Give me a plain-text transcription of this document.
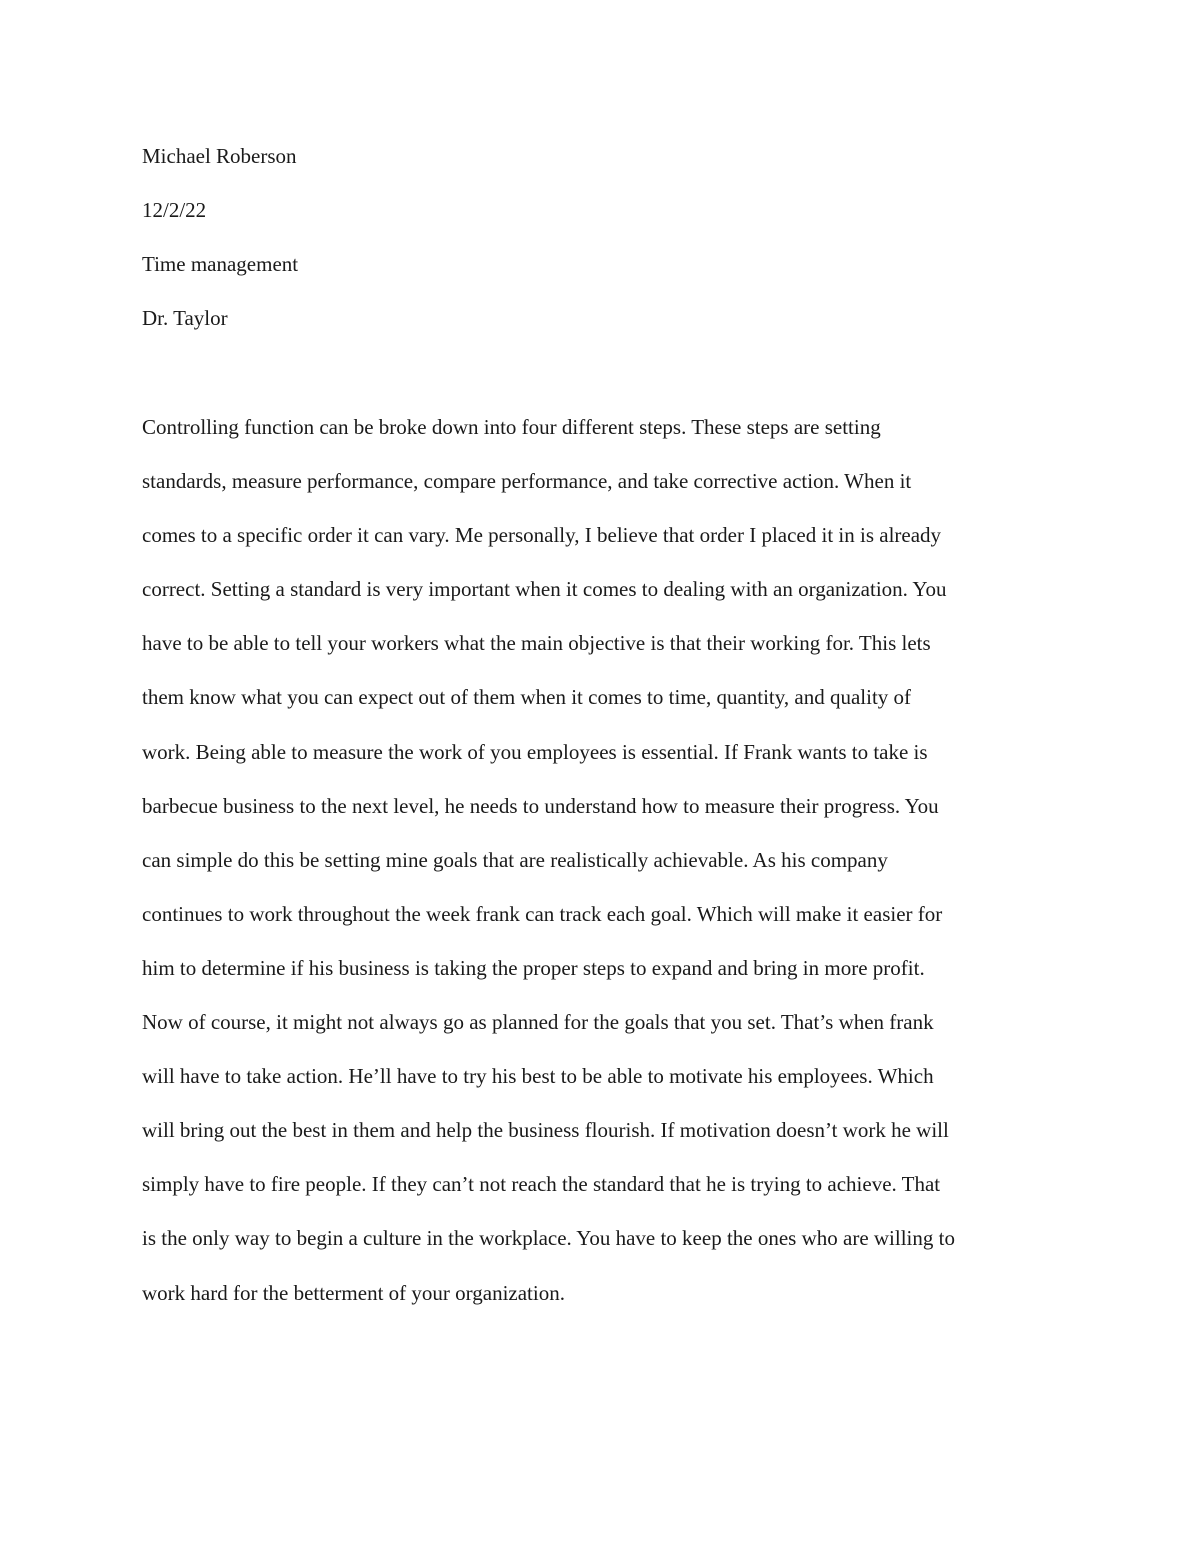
Michael Roberson
12/2/22
Time management
Dr. Taylor
Controlling function can be broke down into four different steps. These steps are setting
standards, measure performance, compare performance, and take corrective action. When it
comes to a specific order it can vary. Me personally, I believe that order I placed it in is already
correct. Setting a standard is very important when it comes to dealing with an organization. You
have to be able to tell your workers what the main objective is that their working for. This lets
them know what you can expect out of them when it comes to time, quantity, and quality of
work. Being able to measure the work of you employees is essential. If Frank wants to take is
barbecue business to the next level, he needs to understand how to measure their progress. You
can simple do this be setting mine goals that are realistically achievable. As his company
continues to work throughout the week frank can track each goal. Which will make it easier for
him to determine if his business is taking the proper steps to expand and bring in more profit.
Now of course, it might not always go as planned for the goals that you set. That’s when frank
will have to take action. He’ll have to try his best to be able to motivate his employees. Which
will bring out the best in them and help the business flourish. If motivation doesn’t work he will
simply have to fire people. If they can’t not reach the standard that he is trying to achieve. That
is the only way to begin a culture in the workplace. You have to keep the ones who are willing to
work hard for the betterment of your organization.
